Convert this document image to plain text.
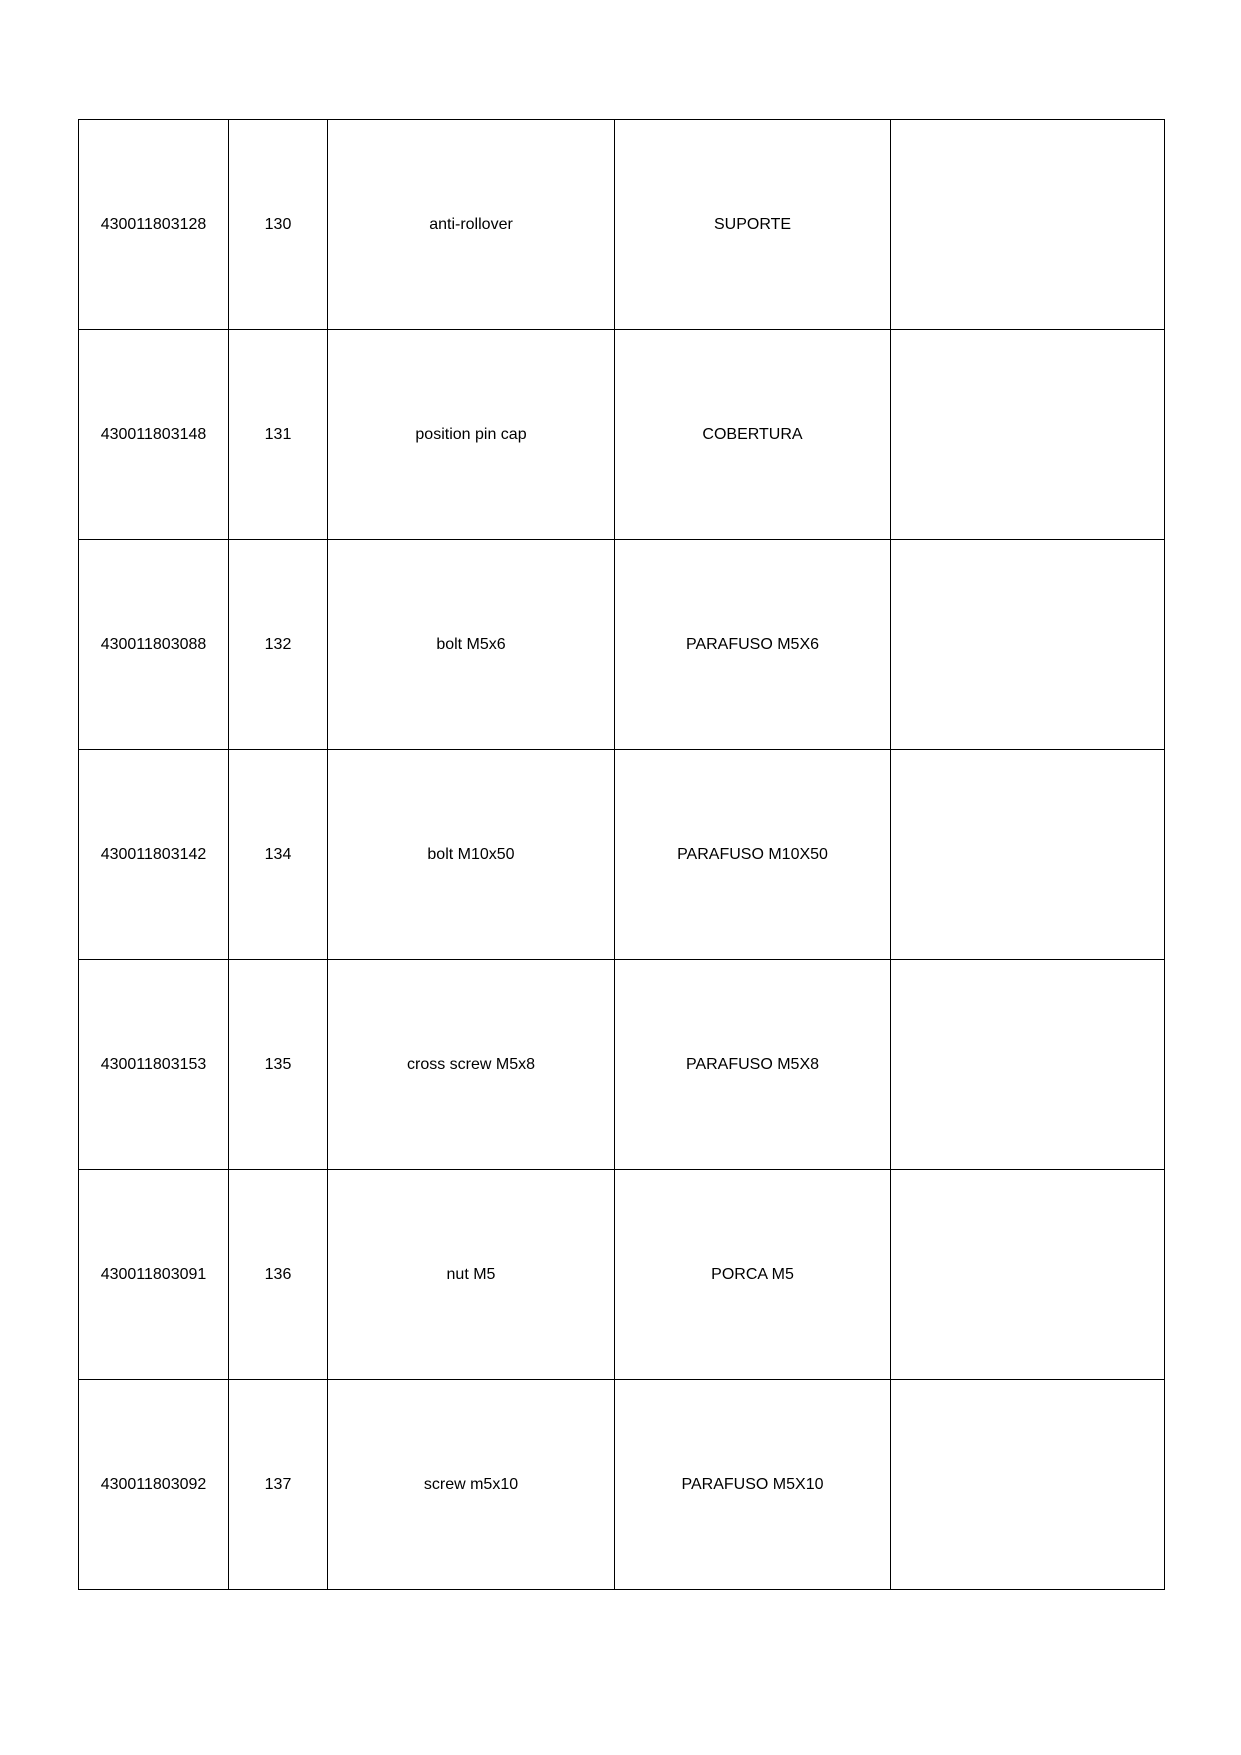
430011803128	130	anti-rollover	SUPORTE	
430011803148	131	position pin cap	COBERTURA	
430011803088	132	bolt M5x6	PARAFUSO M5X6	
430011803142	134	bolt M10x50	PARAFUSO M10X50	
430011803153	135	cross screw M5x8	PARAFUSO M5X8	
430011803091	136	nut M5	PORCA M5	
430011803092	137	screw m5x10	PARAFUSO M5X10	
